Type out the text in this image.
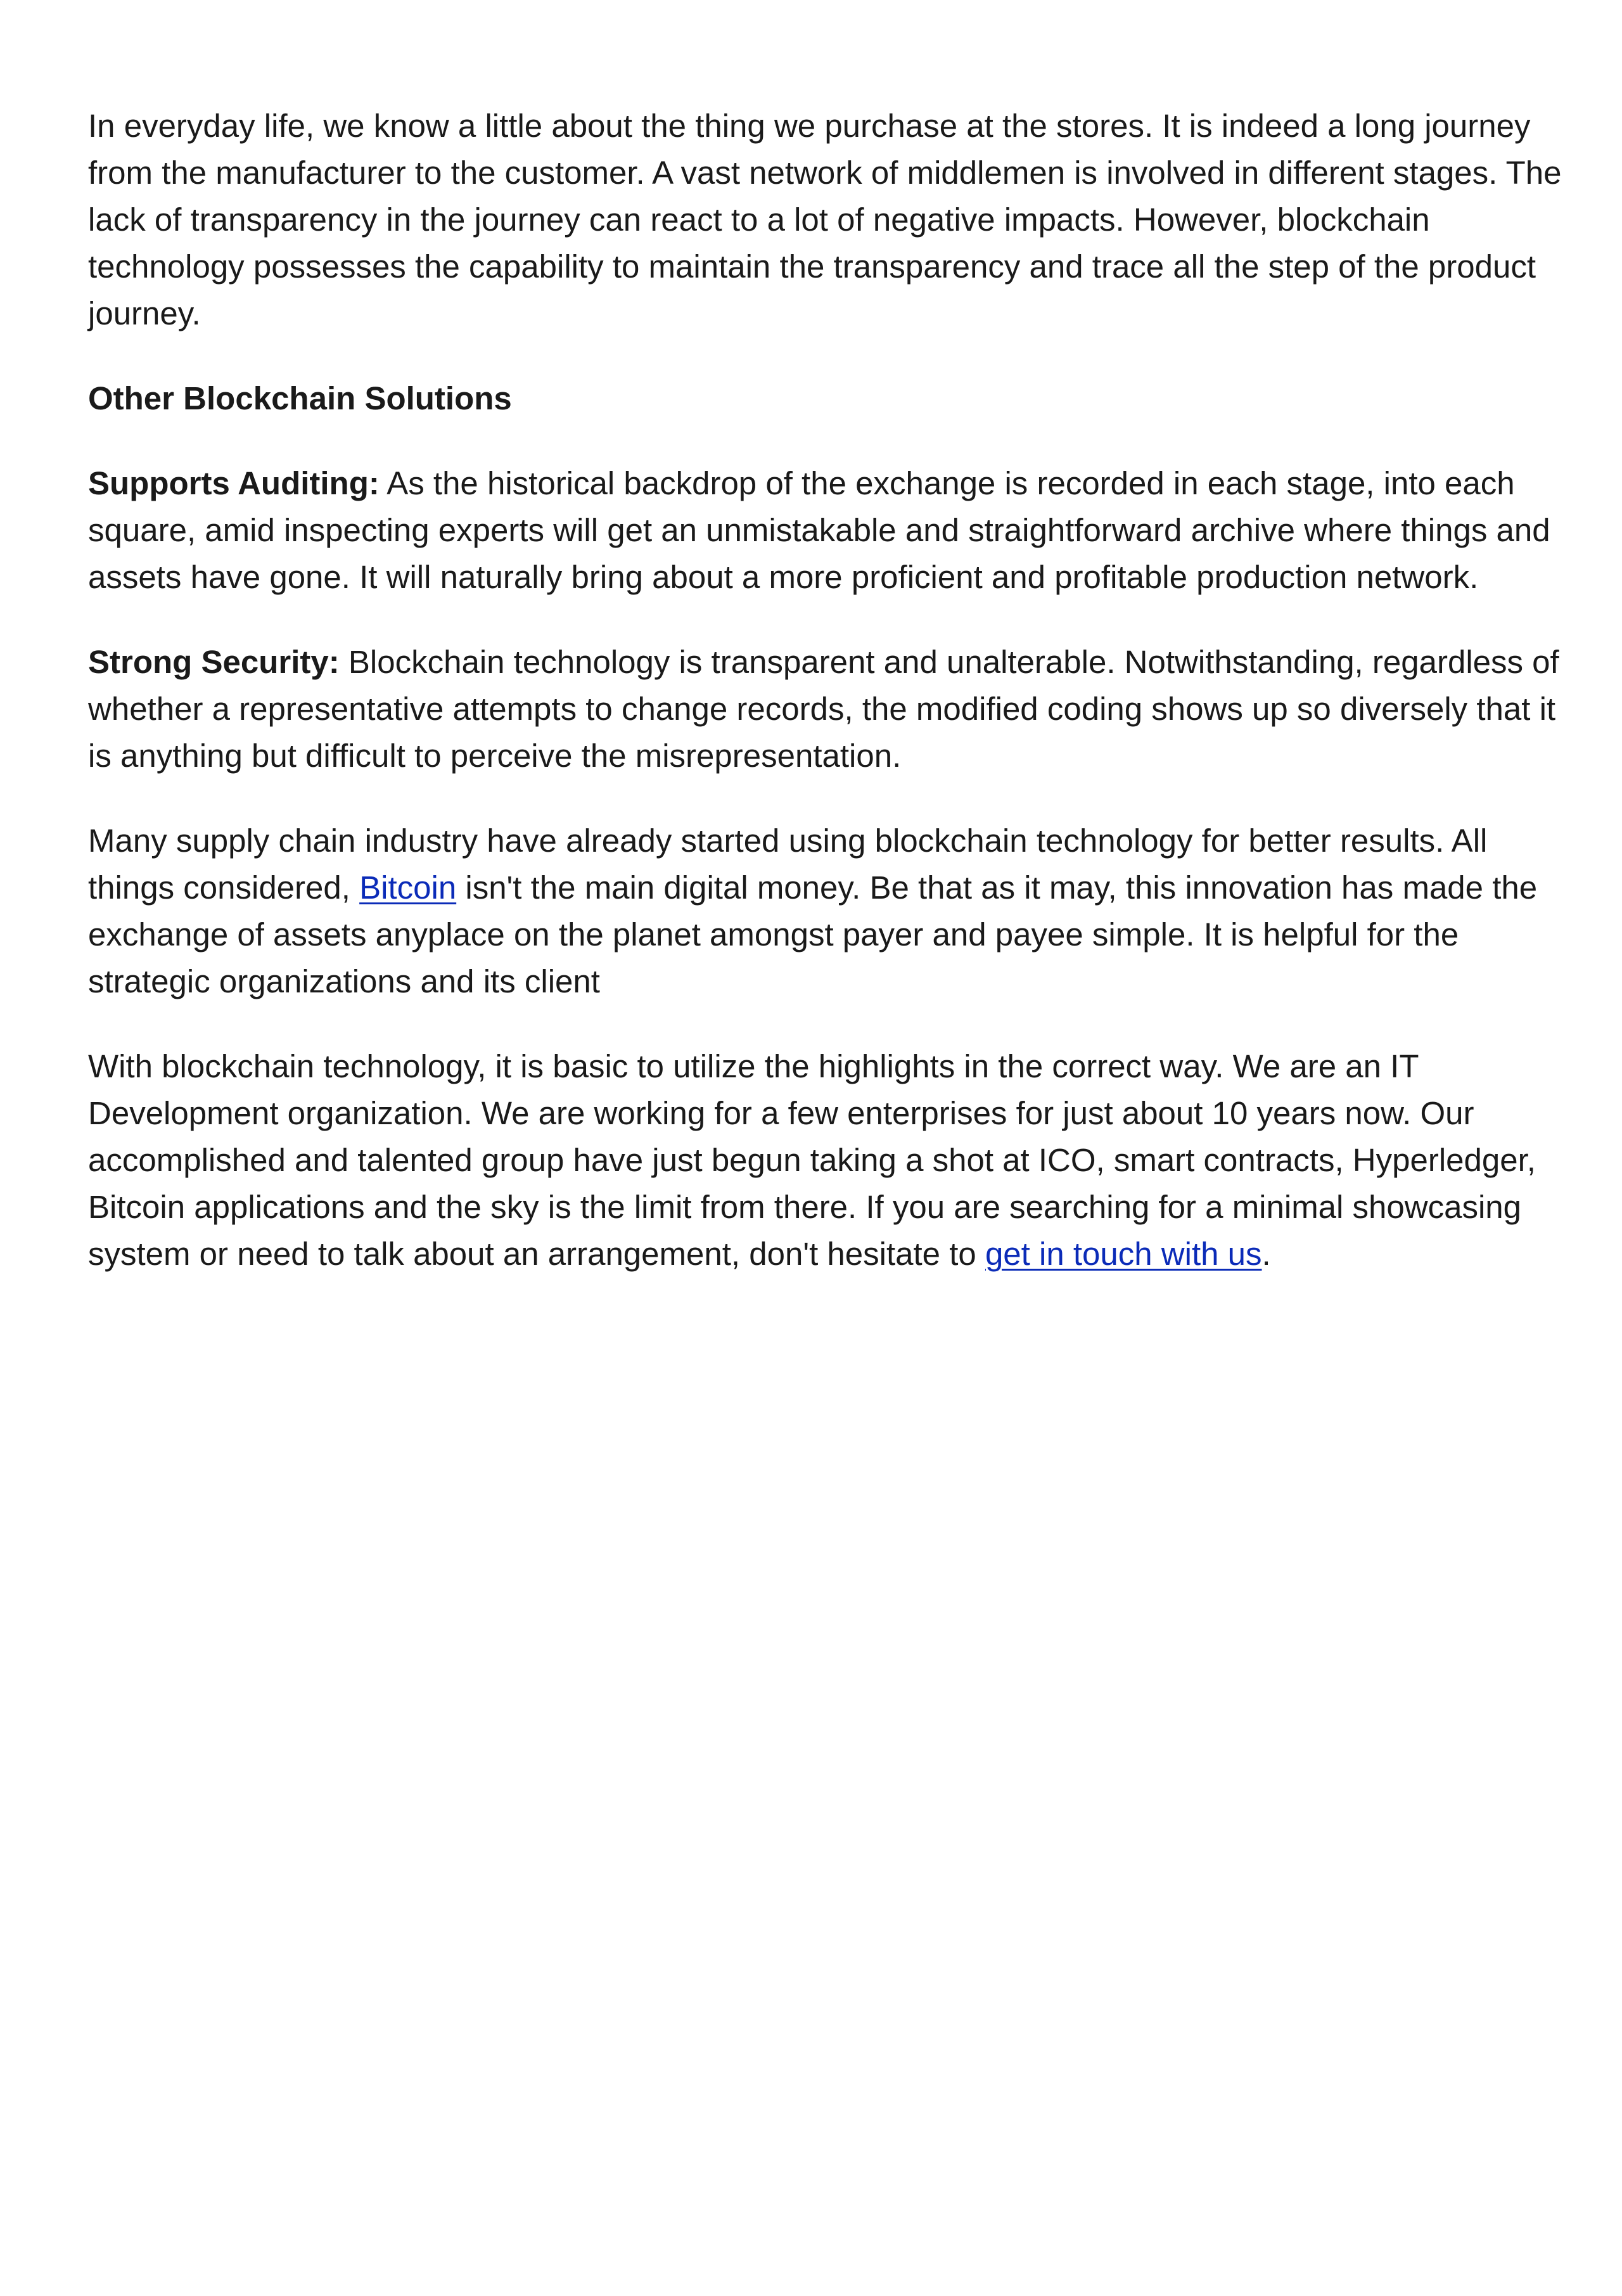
In everyday life, we know a little about the thing we purchase at the stores. It is indeed a long journey from the manufacturer to the customer. A vast network of middlemen is involved in different stages. The lack of transparency in the journey can react to a lot of negative impacts. However, blockchain technology possesses the capability to maintain the transparency and trace all the step of the product journey.

Other Blockchain Solutions

Supports Auditing: As the historical backdrop of the exchange is recorded in each stage, into each square, amid inspecting experts will get an unmistakable and straightforward archive where things and assets have gone. It will naturally bring about a more proficient and profitable production network.

Strong Security: Blockchain technology is transparent and unalterable. Notwithstanding, regardless of whether a representative attempts to change records, the modified coding shows up so diversely that it is anything but difficult to perceive the misrepresentation.

Many supply chain industry have already started using blockchain technology for better results. All things considered, Bitcoin isn't the main digital money. Be that as it may, this innovation has made the exchange of assets anyplace on the planet amongst payer and payee simple. It is helpful for the strategic organizations and its client

With blockchain technology, it is basic to utilize the highlights in the correct way. We are an IT Development organization. We are working for a few enterprises for just about 10 years now. Our accomplished and talented group have just begun taking a shot at ICO, smart contracts, Hyperledger, Bitcoin applications and the sky is the limit from there. If you are searching for a minimal showcasing system or need to talk about an arrangement, don't hesitate to get in touch with us.
